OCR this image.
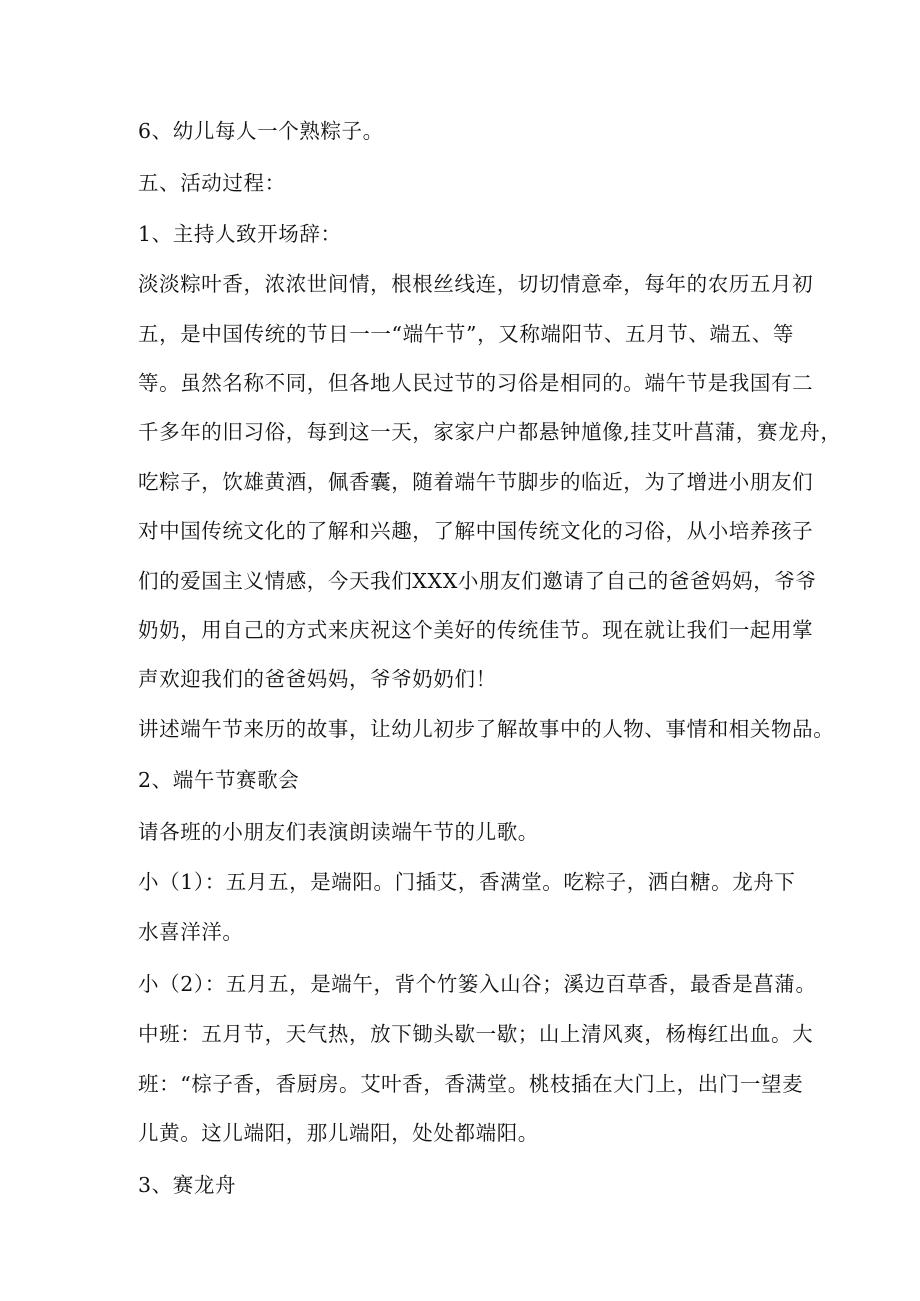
6、幼儿每人一个熟粽子。
五、活动过程：
1、主持人致开场辞：
淡淡粽叶香，浓浓世间情，根根丝线连，切切情意牵，每年的农历五月初
五，是中国传统的节日一一“端午节”，又称端阳节、五月节、端五、等
等。虽然名称不同，但各地人民过节的习俗是相同的。端午节是我国有二
千多年的旧习俗，每到这一天，家家户户都悬钟馗像,挂艾叶菖蒲，赛龙舟，
吃粽子，饮雄黄酒，佩香囊，随着端午节脚步的临近，为了增进小朋友们
对中国传统文化的了解和兴趣，了解中国传统文化的习俗，从小培养孩子
们的爱国主义情感，今天我们XXX小朋友们邀请了自己的爸爸妈妈，爷爷
奶奶，用自己的方式来庆祝这个美好的传统佳节。现在就让我们一起用掌
声欢迎我们的爸爸妈妈，爷爷奶奶们！
讲述端午节来历的故事，让幼儿初步了解故事中的人物、事情和相关物品。
2、端午节赛歌会
请各班的小朋友们表演朗读端午节的儿歌。
小（1）：五月五，是端阳。门插艾，香满堂。吃粽子，洒白糖。龙舟下
水喜洋洋。
小（2）：五月五，是端午，背个竹篓入山谷；溪边百草香，最香是菖蒲。
中班：五月节，天气热，放下锄头歇一歇；山上清风爽，杨梅红出血。大
班：“棕子香，香厨房。艾叶香，香满堂。桃枝插在大门上，出门一望麦
儿黄。这儿端阳，那儿端阳，处处都端阳。
3、赛龙舟
